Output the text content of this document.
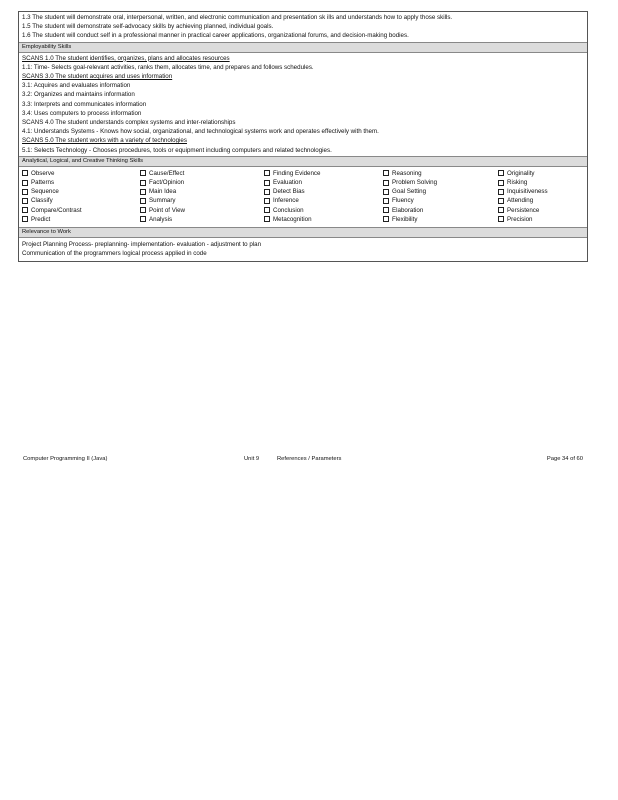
1.3 The student will demonstrate oral, interpersonal, written, and electronic communication and presentation sk ills and understands how to apply those skills.
1.5 The student will demonstrate self-advocacy skills by achieving planned, individual goals.
1.6 The student will conduct self in a professional manner in practical career applications, organizational forums, and decision-making bodies.
Employability Skills
SCANS 1.0 The student identifies, organizes, plans and allocates resources
1.1: Time- Selects goal-relevant activities, ranks them, allocates time, and prepares and follows schedules.
SCANS 3.0 The student acquires and uses information
3.1: Acquires and evaluates information
3.2: Organizes and maintains information
3.3: Interprets and communicates information
3.4: Uses computers to process information
SCANS 4.0 The student understands complex systems and inter-relationships
4.1: Understands Systems - Knows how social, organizational, and technological systems work and operates effectively with them.
SCANS 5.0 The student works with a variety of technologies
5.1: Selects Technology - Chooses procedures, tools or equipment including computers and related technologies.
Analytical, Logical, and Creative Thinking Skills
Observe	Cause/Effect	Finding Evidence	Reasoning	Originality
Patterns	Fact/Opinion	Evaluation	Problem Solving	Risking
Sequence	Main Idea	Detect Bias	Goal Setting	Inquisitiveness
Classify	Summary	Inference	Fluency	Attending
Compare/Contrast	Point of View	Conclusion	Elaboration	Persistence
Predict	Analysis	Metacognition	Flexibility	Precision
Relevance to Work
Project Planning Process- preplanning- implementation- evaluation - adjustment to plan
Communication of the programmers logical process applied in code
Computer Programming II (Java)	Unit 9	References / Parameters	Page 34 of 60
